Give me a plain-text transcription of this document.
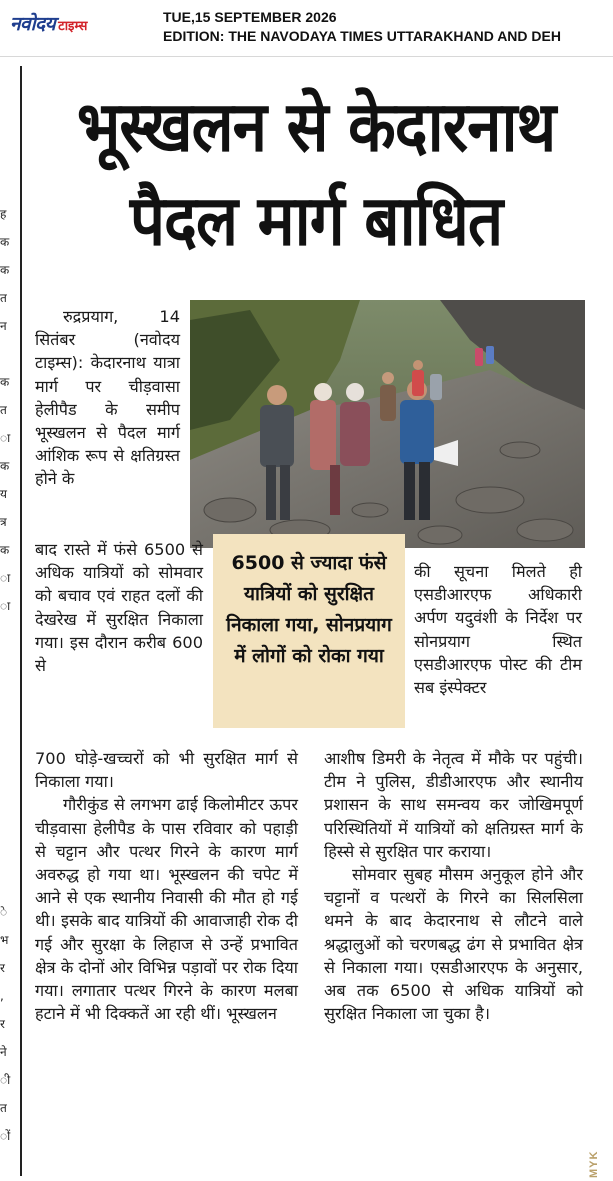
नवोदय टाइम्स
TUE,15 SEPTEMBER 2026
EDITION: THE NAVODAYA TIMES UTTARAKHAND AND DEH
ह
क
क
त
न
क
त
ा
क
य
त्र
क
ा
ा
े
भ
र
,
र
ने
ी
त
ों
भूस्खलन से केदारनाथ
पैदल मार्ग बाधित

रुद्रप्रयाग, 14 सितंबर (नवोदय टाइम्स): केदारनाथ यात्रा मार्ग पर चीड़वासा हेलीपैड के समीप भूस्खलन से पैदल मार्ग आंशिक रूप से क्षतिग्रस्त होने के

बाद रास्ते में फंसे 6500 से अधिक यात्रियों को सोमवार को बचाव एवं राहत दलों की देखरेख में सुरक्षित निकाला गया। इस दौरान करीब 600 से

700 घोड़े-खच्चरों को भी सुरक्षित मार्ग से निकाला गया।

गौरीकुंड से लगभग ढाई किलोमीटर ऊपर चीड़वासा हेलीपैड के पास रविवार को पहाड़ी से चट्टान और पत्थर गिरने के कारण मार्ग अवरुद्ध हो गया था। भूस्खलन की चपेट में आने से एक स्थानीय निवासी की मौत हो गई थी। इसके बाद यात्रियों की आवाजाही रोक दी गई और सुरक्षा के लिहाज से उन्हें प्रभावित क्षेत्र के दोनों ओर विभिन्न पड़ावों पर रोक दिया गया। लगातार पत्थर गिरने के कारण मलबा हटाने में भी दिक्कतें आ रही थीं। भूस्खलन

6500 से ज्यादा फंसे यात्रियों को सुरक्षित निकाला गया, सोनप्रयाग में लोगों को रोका गया

की सूचना मिलते ही एसडीआरएफ अधिकारी अर्पण यदुवंशी के निर्देश पर सोनप्रयाग स्थित एसडीआरएफ पोस्ट की टीम सब इंस्पेक्टर

आशीष डिमरी के नेतृत्व में मौके पर पहुंची। टीम ने पुलिस, डीडीआरएफ और स्थानीय प्रशासन के साथ समन्वय कर जोखिमपूर्ण परिस्थितियों में यात्रियों को क्षतिग्रस्त मार्ग के हिस्से से सुरक्षित पार कराया।

सोमवार सुबह मौसम अनुकूल होने और चट्टानों व पत्थरों के गिरने का सिलसिला थमने के बाद केदारनाथ से लौटने वाले श्रद्धालुओं को चरणबद्ध ढंग से प्रभावित क्षेत्र से निकाला गया। एसडीआरएफ के अनुसार, अब तक 6500 से अधिक यात्रियों को सुरक्षित निकाला जा चुका है।

MYK
